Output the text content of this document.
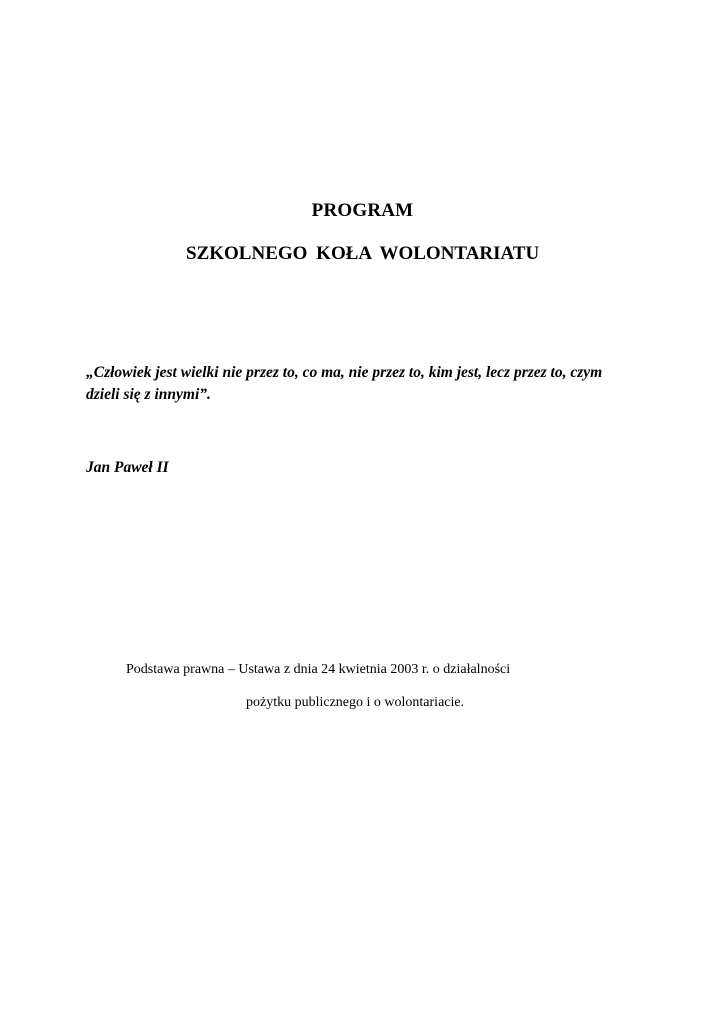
PROGRAM
SZKOLNEGO KOŁA WOLONTARIATU
„Człowiek jest wielki nie przez to, co ma, nie przez to, kim jest, lecz przez to, czym dzieli się z innymi”.
Jan Paweł II
Podstawa prawna – Ustawa z dnia 24 kwietnia 2003 r. o działalności
pożytku publicznego i o wolontariacie.
